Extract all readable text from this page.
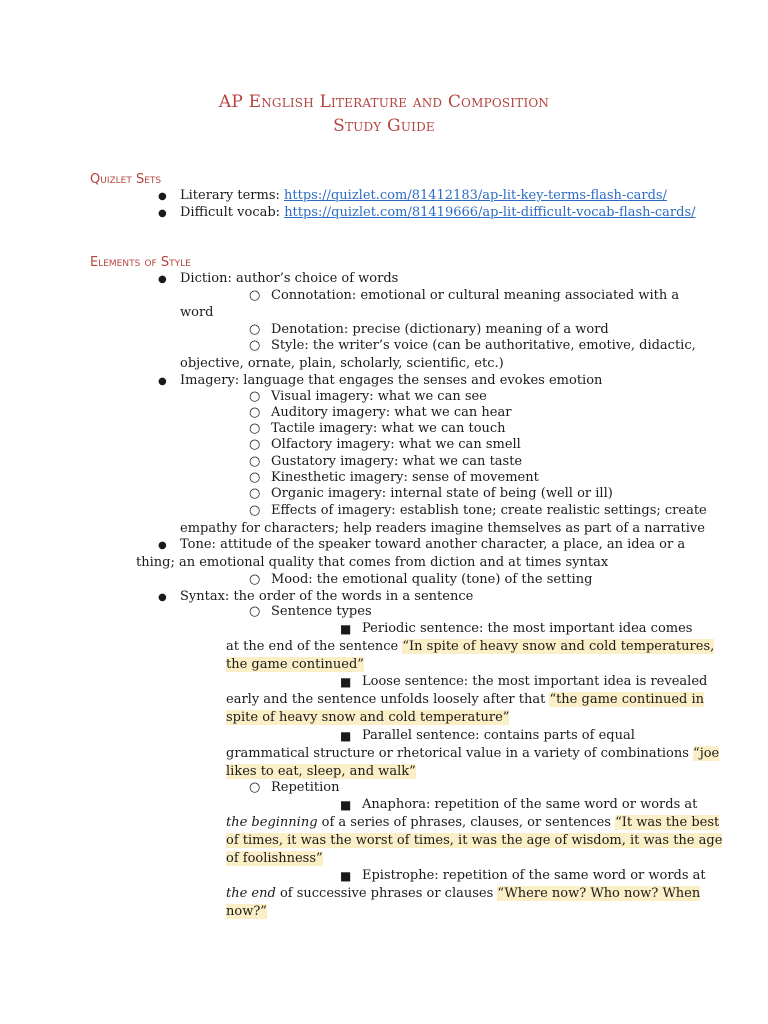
AP English Literature and Composition
Study Guide
Quizlet Sets
● Literary terms: https://quizlet.com/81412183/ap-lit-key-terms-flash-cards/
● Difficult vocab: https://quizlet.com/81419666/ap-lit-difficult-vocab-flash-cards/
Elements of Style
● Diction: author’s choice of words
○ Connotation: emotional or cultural meaning associated with a
word
○ Denotation: precise (dictionary) meaning of a word
○ Style: the writer’s voice (can be authoritative, emotive, didactic,
objective, ornate, plain, scholarly, scientific, etc.)
● Imagery: language that engages the senses and evokes emotion
○ Visual imagery: what we can see
○ Auditory imagery: what we can hear
○ Tactile imagery: what we can touch
○ Olfactory imagery: what we can smell
○ Gustatory imagery: what we can taste
○ Kinesthetic imagery: sense of movement
○ Organic imagery: internal state of being (well or ill)
○ Effects of imagery: establish tone; create realistic settings; create
empathy for characters; help readers imagine themselves as part of a narrative
● Tone: attitude of the speaker toward another character, a place, an idea or a
thing; an emotional quality that comes from diction and at times syntax
○ Mood: the emotional quality (tone) of the setting
● Syntax: the order of the words in a sentence
○ Sentence types
■ Periodic sentence: the most important idea comes
at the end of the sentence “In spite of heavy snow and cold temperatures,
the game continued”
■ Loose sentence: the most important idea is revealed
early and the sentence unfolds loosely after that “the game continued in
spite of heavy snow and cold temperature”
■ Parallel sentence: contains parts of equal
grammatical structure or rhetorical value in a variety of combinations “joe
likes to eat, sleep, and walk”
○ Repetition
■ Anaphora: repetition of the same word or words at
the beginning of a series of phrases, clauses, or sentences “It was the best
of times, it was the worst of times, it was the age of wisdom, it was the age
of foolishness”
■ Epistrophe: repetition of the same word or words at
the end of successive phrases or clauses “Where now? Who now? When
now?”
